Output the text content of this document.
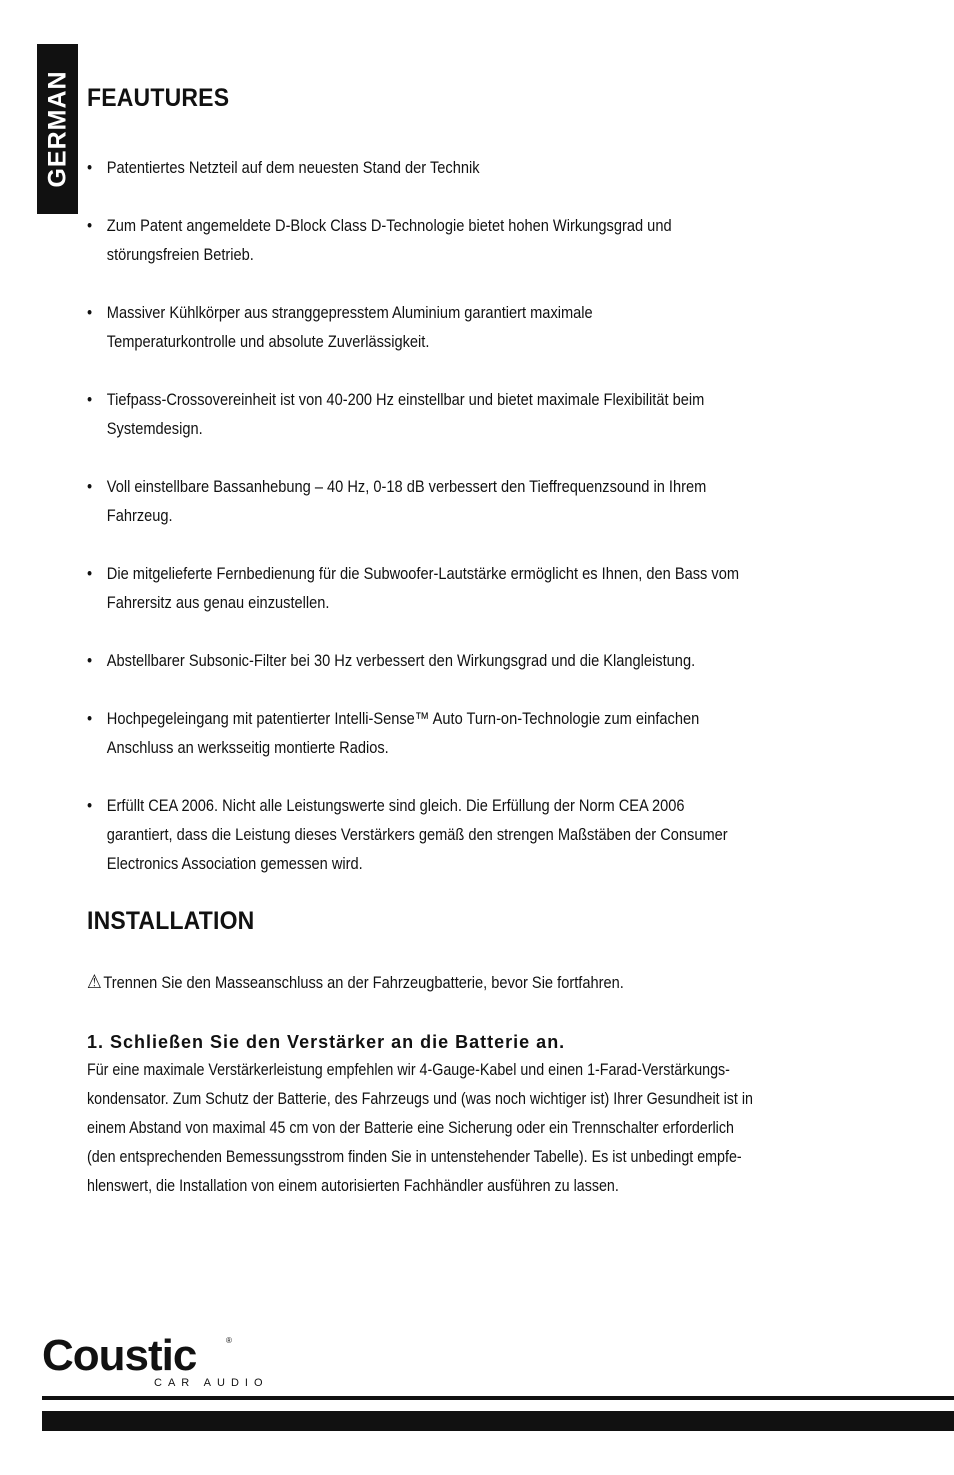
GERMAN FEAUTURES
• Patentiertes Netzteil auf dem neuesten Stand der Technik
• Zum Patent angemeldete D-Block Class D-Technologie bietet hohen Wirkungsgrad und
störungsfreien Betrieb.
• Massiver Kühlkörper aus stranggepresstem Aluminium garantiert maximale
Temperaturkontrolle und absolute Zuverlässigkeit.
• Tiefpass-Crossovereinheit ist von 40-200 Hz einstellbar und bietet maximale Flexibilität beim
Systemdesign.
• Voll einstellbare Bassanhebung – 40 Hz, 0-18 dB verbessert den Tieffrequenzsound in Ihrem
Fahrzeug.
• Die mitgelieferte Fernbedienung für die Subwoofer-Lautstärke ermöglicht es Ihnen, den Bass vom
Fahrersitz aus genau einzustellen.
• Abstellbarer Subsonic-Filter bei 30 Hz verbessert den Wirkungsgrad und die Klangleistung.
• Hochpegeleingang mit patentierter Intelli-Sense™ Auto Turn-on-Technologie zum einfachen
Anschluss an werksseitig montierte Radios.
• Erfüllt CEA 2006. Nicht alle Leistungswerte sind gleich. Die Erfüllung der Norm CEA 2006
garantiert, dass die Leistung dieses Verstärkers gemäß den strengen Maßstäben der Consumer
Electronics Association gemessen wird.
INSTALLATION
⚠ Trennen Sie den Masseanschluss an der Fahrzeugbatterie, bevor Sie fortfahren.
1. Schließen Sie den Verstärker an die Batterie an.
Für eine maximale Verstärkerleistung empfehlen wir 4-Gauge-Kabel und einen 1-Farad-Verstärkungs-
kondensator. Zum Schutz der Batterie, des Fahrzeugs und (was noch wichtiger ist) Ihrer Gesundheit ist in
einem Abstand von maximal 45 cm von der Batterie eine Sicherung oder ein Trennschalter erforderlich
(den entsprechenden Bemessungsstrom finden Sie in untenstehender Tabelle). Es ist unbedingt empfe-
hlenswert, die Installation von einem autorisierten Fachhändler ausführen zu lassen.
Coustic	®
CAR AUDIO
